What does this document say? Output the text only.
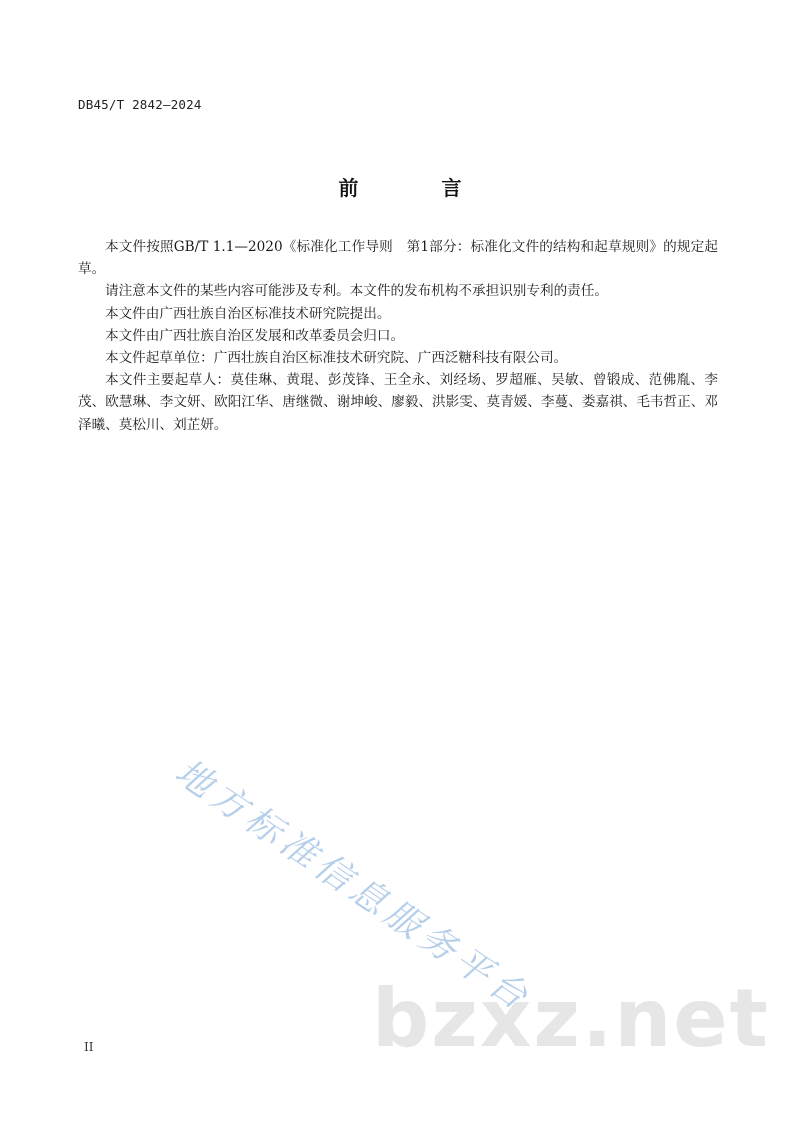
DB45/T 2842—2024
前 言

本文件按照GB/T 1.1—2020《标准化工作导则　第1部分：标准化文件的结构和起草规则》的规定起草。

请注意本文件的某些内容可能涉及专利。本文件的发布机构不承担识别专利的责任。

本文件由广西壮族自治区标准技术研究院提出。

本文件由广西壮族自治区发展和改革委员会归口。

本文件起草单位：广西壮族自治区标准技术研究院、广西泛糖科技有限公司。

本文件主要起草人：莫佳琳、黄琨、彭茂锋、王全永、刘经场、罗超雁、吴敏、曾锻成、范佛胤、李茂、欧慧琳、李文妍、欧阳江华、唐继微、谢坤峻、廖毅、洪影雯、莫青媛、李蔓、娄嘉祺、毛韦哲正、邓泽曦、莫松川、刘芷妍。

地方标准信息服务平台
bzxz.net
II
